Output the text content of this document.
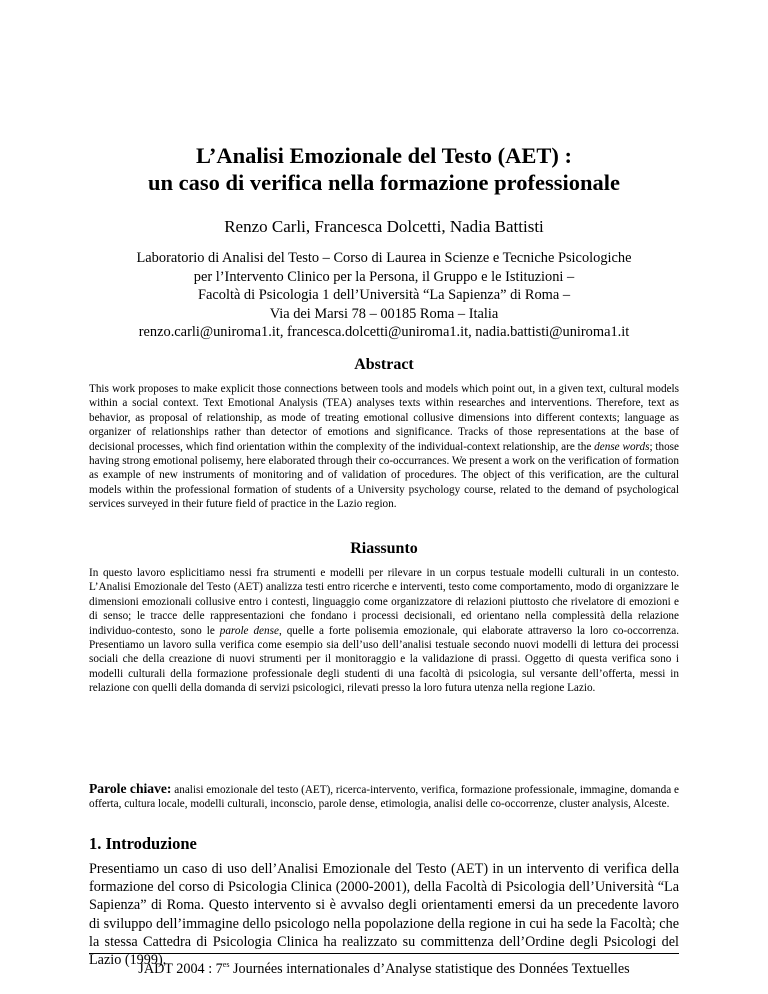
L’Analisi Emozionale del Testo (AET) :
un caso di verifica nella formazione professionale
Renzo Carli, Francesca Dolcetti, Nadia Battisti
Laboratorio di Analisi del Testo – Corso di Laurea in Scienze e Tecniche Psicologiche
per l’Intervento Clinico per la Persona, il Gruppo e le Istituzioni –
Facoltà di Psicologia 1 dell’Università “La Sapienza” di Roma –
Via dei Marsi 78 – 00185 Roma – Italia
renzo.carli@uniroma1.it, francesca.dolcetti@uniroma1.it, nadia.battisti@uniroma1.it
Abstract
This work proposes to make explicit those connections between tools and models which point out, in a given text, cultural models within a social context. Text Emotional Analysis (TEA) analyses texts within researches and interventions. Therefore, text as behavior, as proposal of relationship, as mode of treating emotional collusive dimensions into different contexts; language as organizer of relationships rather than detector of emotions and significance. Tracks of those representations at the base of decisional processes, which find orientation within the complexity of the individual-context relationship, are the dense words; those having strong emotional polisemy, here elaborated through their co-occurrances. We present a work on the verification of formation as example of new instruments of monitoring and of validation of procedures. The object of this verification, are the cultural models within the professional formation of students of a University psychology course, related to the demand of psychological services surveyed in their future field of practice in the Lazio region.
Riassunto
In questo lavoro esplicitiamo nessi fra strumenti e modelli per rilevare in un corpus testuale modelli culturali in un contesto. L’Analisi Emozionale del Testo (AET) analizza testi entro ricerche e interventi, testo come comportamento, modo di organizzare le dimensioni emozionali collusive entro i contesti, linguaggio come organizzatore di relazioni piuttosto che rivelatore di emozioni e di senso; le tracce delle rappresentazioni che fondano i processi decisionali, ed orientano nella complessità della relazione individuo-contesto, sono le parole dense, quelle a forte polisemia emozionale, qui elaborate attraverso la loro co-occorrenza. Presentiamo un lavoro sulla verifica come esempio sia dell’uso dell’analisi testuale secondo nuovi modelli di lettura dei processi sociali che della creazione di nuovi strumenti per il monitoraggio e la validazione di prassi. Oggetto di questa verifica sono i modelli culturali della formazione professionale degli studenti di una facoltà di psicologia, sul versante dell’offerta, messi in relazione con quelli della domanda di servizi psicologici, rilevati presso la loro futura utenza nella regione Lazio.
Parole chiave: analisi emozionale del testo (AET), ricerca-intervento, verifica, formazione professionale, immagine, domanda e offerta, cultura locale, modelli culturali, inconscio, parole dense, etimologia, analisi delle co-occorrenze, cluster analysis, Alceste.
1. Introduzione
Presentiamo un caso di uso dell’Analisi Emozionale del Testo (AET) in un intervento di verifica della formazione del corso di Psicologia Clinica (2000-2001), della Facoltà di Psicologia dell’Università “La Sapienza” di Roma. Questo intervento si è avvalso degli orientamenti emersi da un precedente lavoro di sviluppo dell’immagine dello psicologo nella popolazione della regione in cui ha sede la Facoltà; che la stessa Cattedra di Psicologia Clinica ha realizzato su committenza dell’Ordine degli Psicologi del Lazio (1999).
JADT 2004 : $7^{es}$ Journées internationales d’Analyse statistique des Données Textuelles
